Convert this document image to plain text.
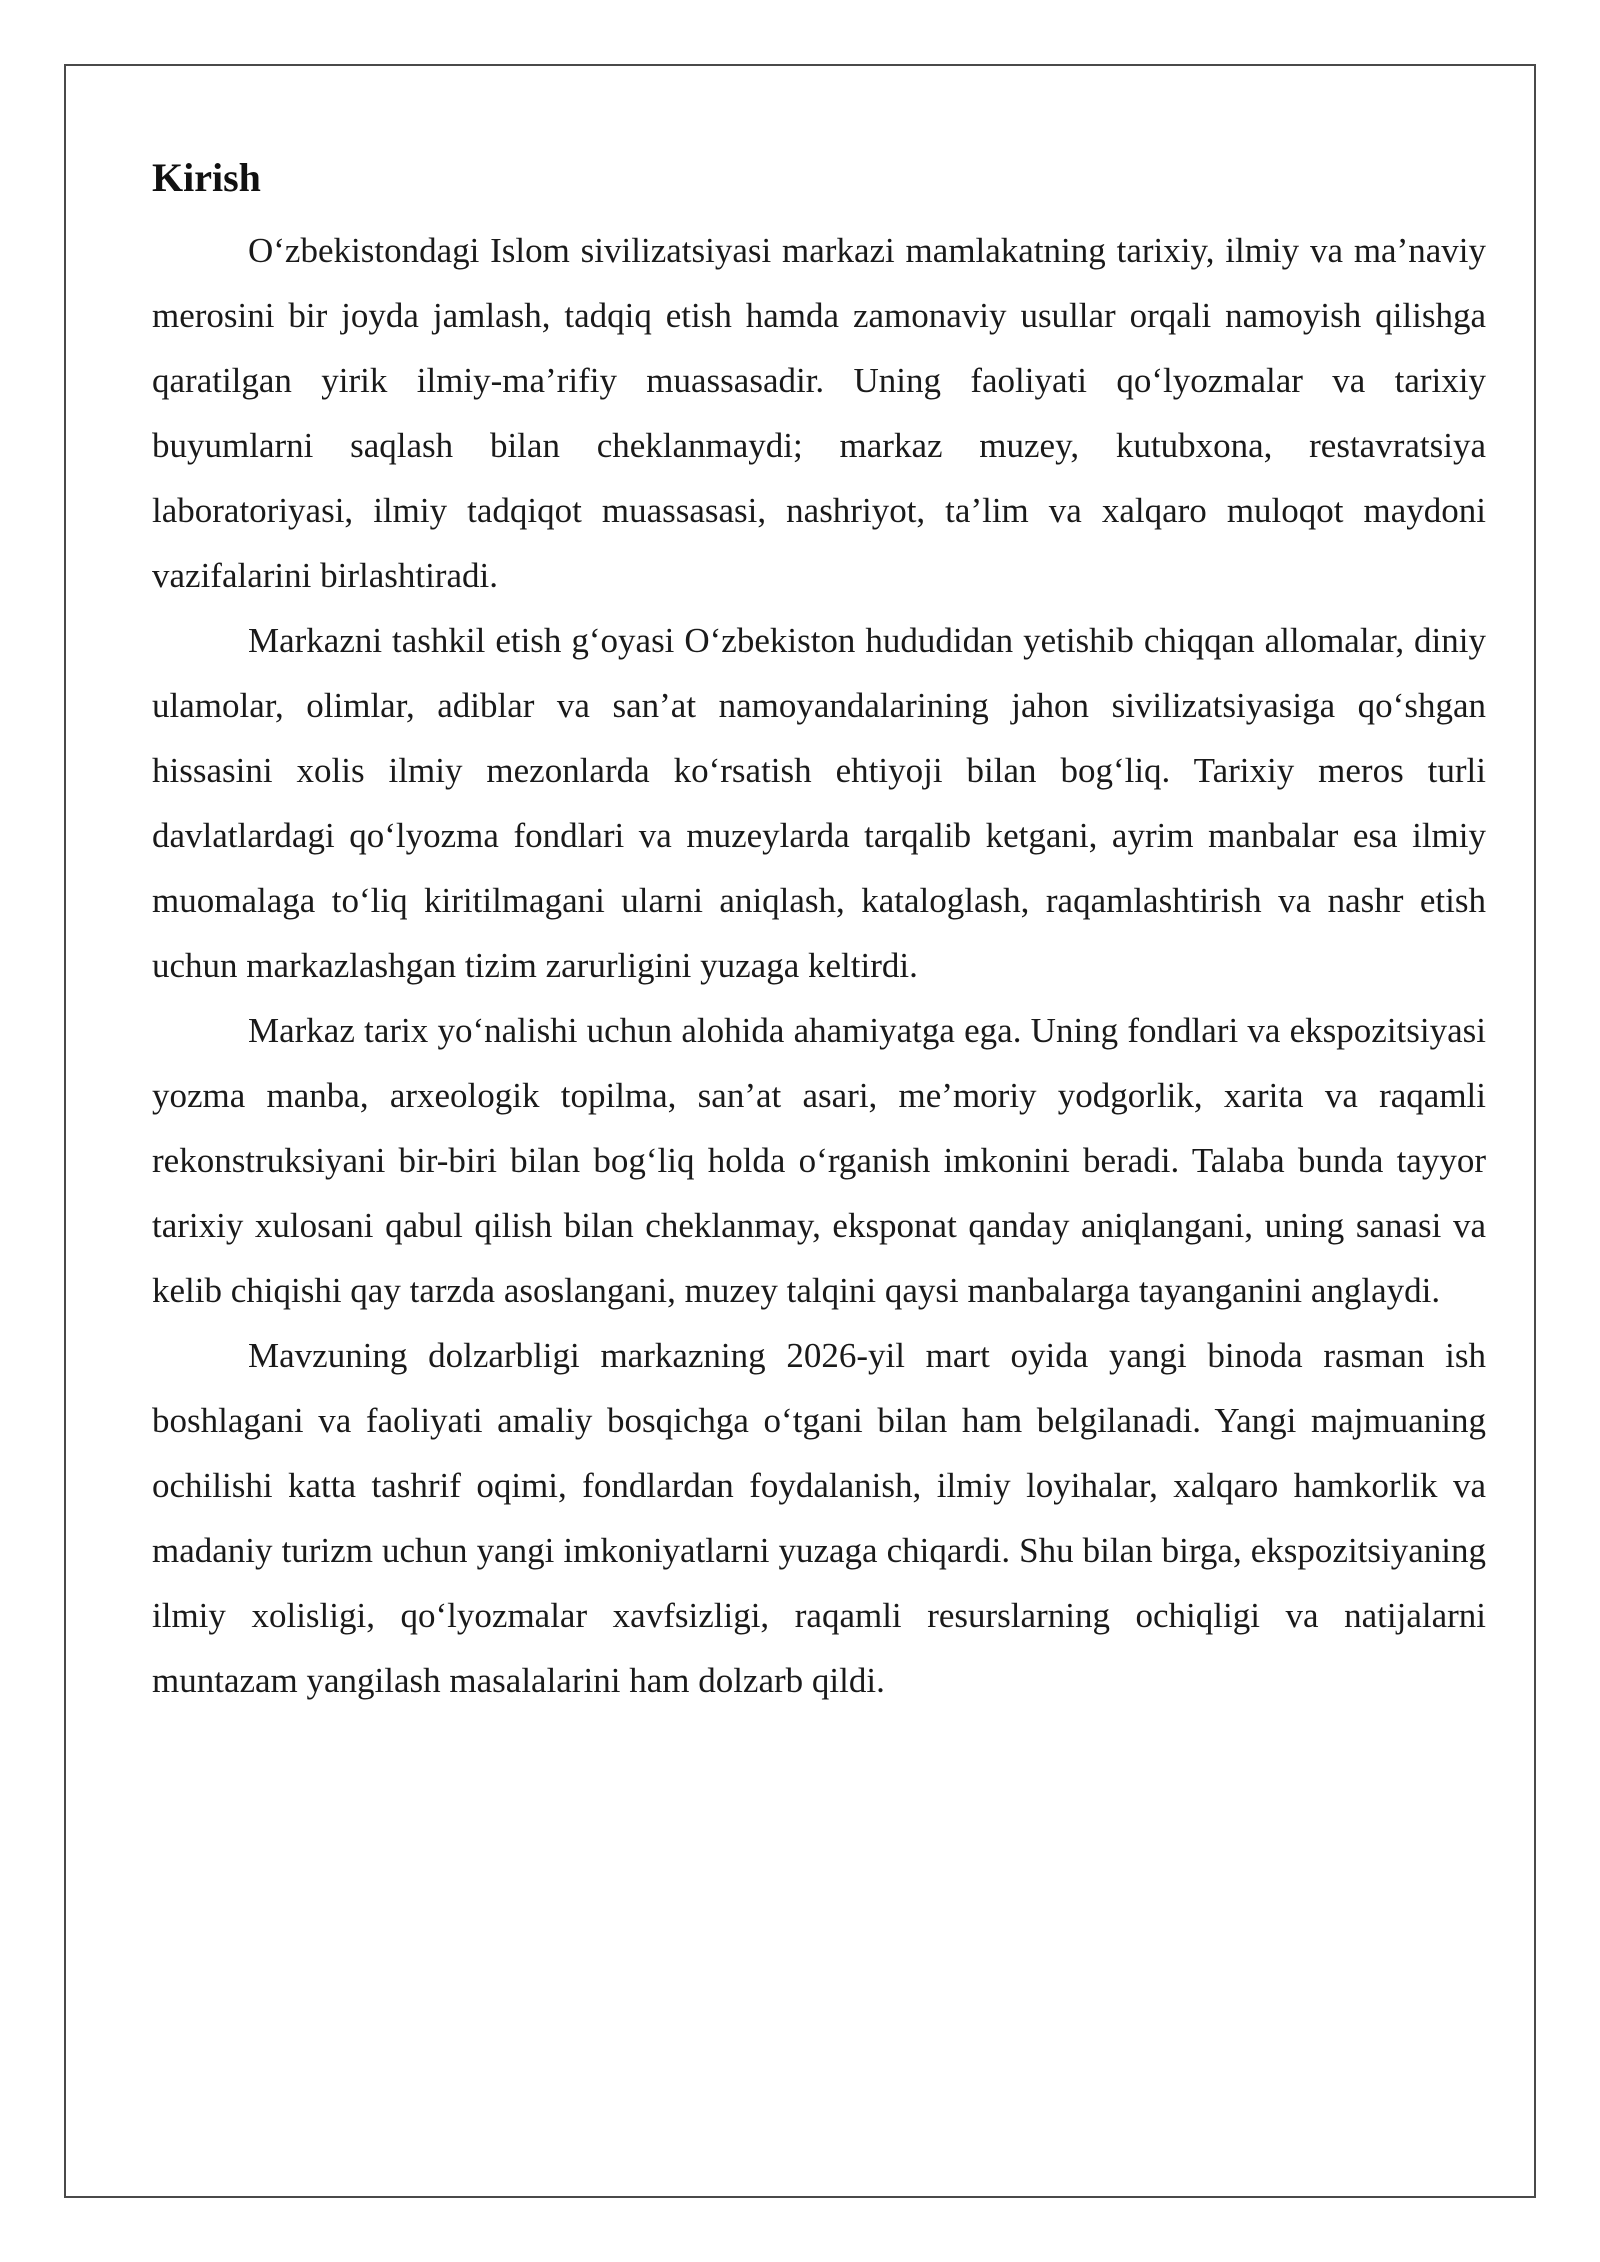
Kirish

O‘zbekistondagi Islom sivilizatsiyasi markazi mamlakatning tarixiy, ilmiy va ma’naviy merosini bir joyda jamlash, tadqiq etish hamda zamonaviy usullar orqali namoyish qilishga qaratilgan yirik ilmiy-ma’rifiy muassasadir. Uning faoliyati qo‘lyozmalar va tarixiy buyumlarni saqlash bilan cheklanmaydi; markaz muzey, kutubxona, restavratsiya laboratoriyasi, ilmiy tadqiqot muassasasi, nashriyot, ta’lim va xalqaro muloqot maydoni vazifalarini birlashtiradi.

Markazni tashkil etish g‘oyasi O‘zbekiston hududidan yetishib chiqqan allomalar, diniy ulamolar, olimlar, adiblar va san’at namoyandalarining jahon sivilizatsiyasiga qo‘shgan hissasini xolis ilmiy mezonlarda ko‘rsatish ehtiyoji bilan bog‘liq. Tarixiy meros turli davlatlardagi qo‘lyozma fondlari va muzeylarda tarqalib ketgani, ayrim manbalar esa ilmiy muomalaga to‘liq kiritilmagani ularni aniqlash, kataloglash, raqamlashtirish va nashr etish uchun markazlashgan tizim zarurligini yuzaga keltirdi.

Markaz tarix yo‘nalishi uchun alohida ahamiyatga ega. Uning fondlari va ekspozitsiyasi yozma manba, arxeologik topilma, san’at asari, me’moriy yodgorlik, xarita va raqamli rekonstruksiyani bir-biri bilan bog‘liq holda o‘rganish imkonini beradi. Talaba bunda tayyor tarixiy xulosani qabul qilish bilan cheklanmay, eksponat qanday aniqlangani, uning sanasi va kelib chiqishi qay tarzda asoslangani, muzey talqini qaysi manbalarga tayanganini anglaydi.

Mavzuning dolzarbligi markazning 2026-yil mart oyida yangi binoda rasman ish boshlagani va faoliyati amaliy bosqichga o‘tgani bilan ham belgilanadi. Yangi majmuaning ochilishi katta tashrif oqimi, fondlardan foydalanish, ilmiy loyihalar, xalqaro hamkorlik va madaniy turizm uchun yangi imkoniyatlarni yuzaga chiqardi. Shu bilan birga, ekspozitsiyaning ilmiy xolisligi, qo‘lyozmalar xavfsizligi, raqamli resurslarning ochiqligi va natijalarni muntazam yangilash masalalarini ham dolzarb qildi.
